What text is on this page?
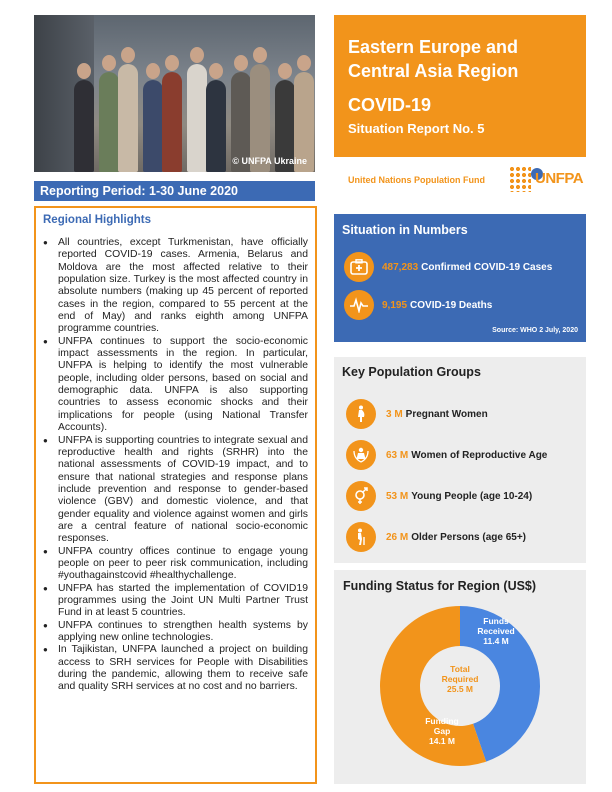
© UNFPA Ukraine
Reporting Period: 1-30 June 2020
Regional Highlights
● All countries, except Turkmenistan, have officially reported COVID-19 cases. Armenia, Belarus and Moldova are the most affected relative to their population size. Turkey is the most affected country in absolute numbers (making up 45 percent of reported cases in the region, compared to 55 percent at the end of May) and ranks eighth among UNFPA programme countries.
● UNFPA continues to support the socio-economic impact assessments in the region. In particular, UNFPA is helping to identify the most vulnerable people, including older persons, based on social and demographic data. UNFPA is also supporting countries to assess economic shocks and their implications for people (using National Transfer Accounts).
● UNFPA is supporting countries to integrate sexual and reproductive health and rights (SRHR) into the national assessments of COVID-19 impact, and to ensure that national strategies and response plans include prevention and response to gender-based violence (GBV) and domestic violence, and that gender equality and violence against women and girls are a central feature of national socio-economic responses.
● UNFPA country offices continue to engage young people on peer to peer risk communication, including #youthagainstcovid #healthychallenge.
● UNFPA has started the implementation of COVID19 programmes using the Joint UN Multi Partner Trust Fund in at least 5 countries.
● UNFPA continues to strengthen health systems by applying new online technologies.
● In Tajikistan, UNFPA launched a project on building access to SRH services for People with Disabilities during the pandemic, allowing them to receive safe and quality SRH services at no cost and no barriers.
Eastern Europe and
Central Asia Region
COVID-19
Situation Report No. 5
United Nations Population Fund	UNFPA
Situation in Numbers
487,283 Confirmed COVID-19 Cases
9,195 COVID-19 Deaths
Source: WHO 2 July, 2020
Key Population Groups
3 M Pregnant Women
63 M Women of Reproductive Age
53 M Young People (age 10-24)
26 M Older Persons (age 65+)
Funds
Received
11.4 M
Total
Required
25.5 M
Funding
Gap
14.1 M
Funding Status for Region (US$)
